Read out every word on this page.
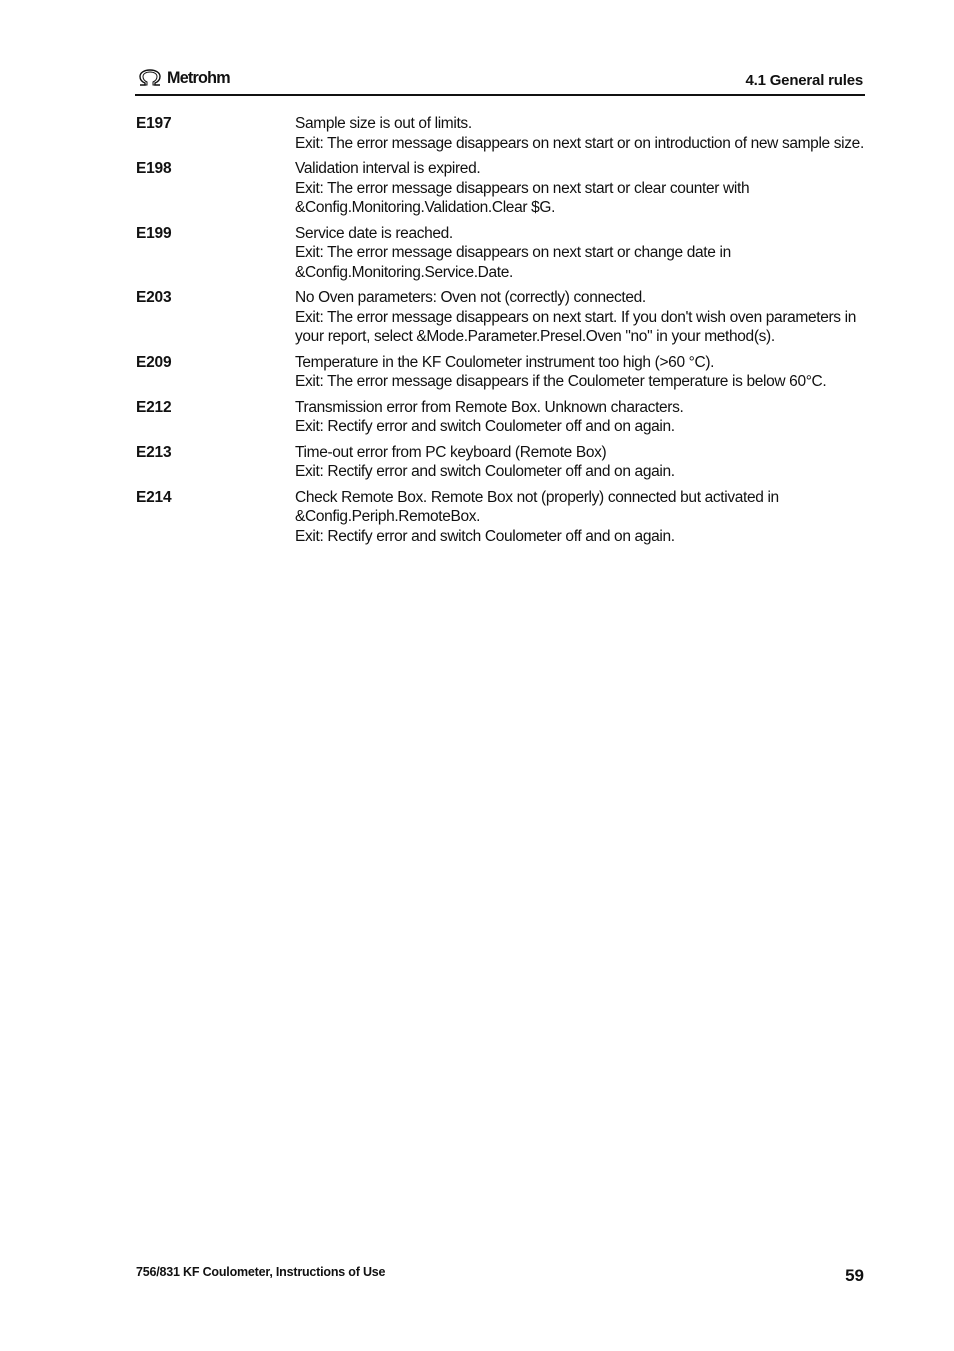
Metrohm	4.1 General rules
E197	Sample size is out of limits.
Exit: The error message disappears on next start or on introduction of new sample size.
E198	Validation interval is expired.
Exit: The error message disappears on next start or clear counter with &Config.Monitoring.Validation.Clear $G.
E199	Service date is reached.
Exit: The error message disappears on next start or change date in &Config.Monitoring.Service.Date.
E203	No Oven parameters: Oven not (correctly) connected.
Exit: The error message disappears on next start. If you don't wish oven parameters in your report, select &Mode.Parameter.Presel.Oven "no" in your method(s).
E209	Temperature in the KF Coulometer instrument too high (>60 °C).
Exit: The error message disappears if the Coulometer temperature is below 60°C.
E212	Transmission error from Remote Box. Unknown characters.
Exit: Rectify error and switch Coulometer off and on again.
E213	Time-out error from PC keyboard (Remote Box)
Exit: Rectify error and switch Coulometer off and on again.
E214	Check Remote Box. Remote Box not (properly) connected but activated in &Config.Periph.RemoteBox.
Exit: Rectify error and switch Coulometer off and on again.
756/831 KF Coulometer, Instructions of Use	59
